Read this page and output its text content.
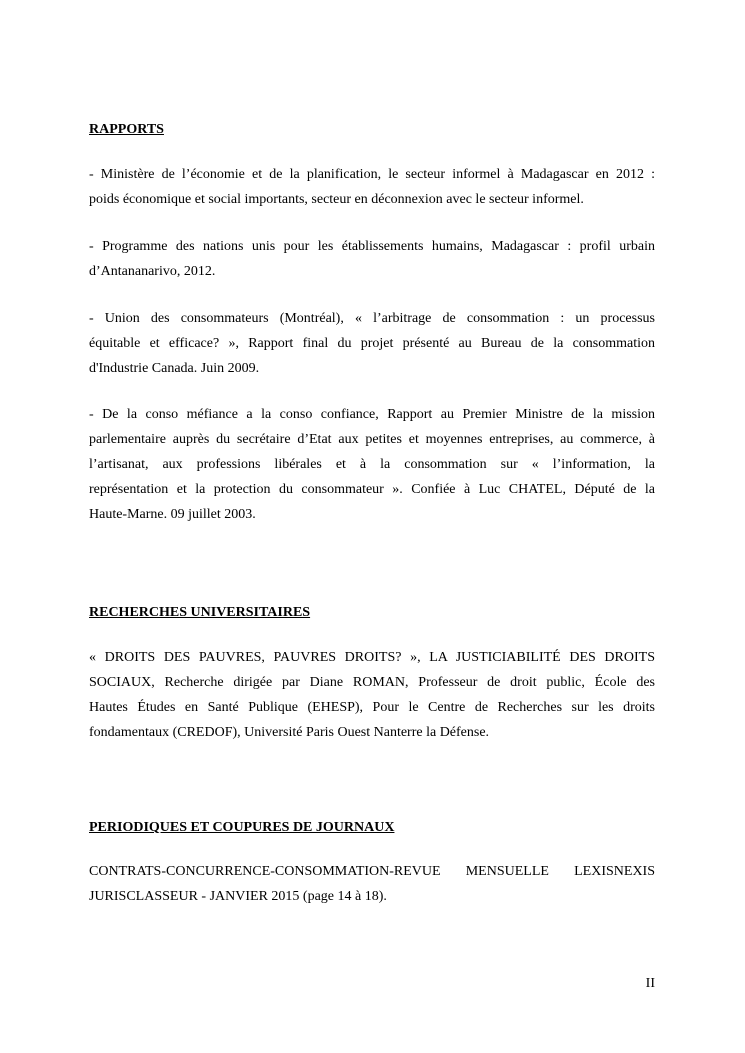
RAPPORTS

- Ministère de l’économie et de la planification, le secteur informel à Madagascar en 2012 :
poids économique et social importants, secteur en déconnexion avec le secteur informel.

- Programme des nations unis pour les établissements humains, Madagascar : profil urbain
d’Antananarivo, 2012.

- Union des consommateurs (Montréal), « l’arbitrage de consommation : un processus
équitable et efficace? », Rapport final du projet présenté au Bureau de la consommation
d'Industrie Canada. Juin 2009.

- De la conso méfiance a la conso confiance, Rapport au Premier Ministre de la mission
parlementaire auprès du secrétaire d’Etat aux petites et moyennes entreprises, au commerce, à
l’artisanat, aux professions libérales et à la consommation sur « l’information, la
représentation et la protection du consommateur ». Confiée à Luc CHATEL, Député de la
Haute-Marne. 09 juillet 2003.

RECHERCHES UNIVERSITAIRES

« DROITS DES PAUVRES, PAUVRES DROITS? », LA JUSTICIABILITÉ DES DROITS
SOCIAUX, Recherche dirigée par Diane ROMAN, Professeur de droit public, École des
Hautes Études en Santé Publique (EHESP), Pour le Centre de Recherches sur les droits
fondamentaux (CREDOF), Université Paris Ouest Nanterre la Défense.

PERIODIQUES ET COUPURES DE JOURNAUX

CONTRATS-CONCURRENCE-CONSOMMATION-REVUE MENSUELLE LEXISNEXIS
JURISCLASSEUR - JANVIER 2015 (page 14 à 18).

II
